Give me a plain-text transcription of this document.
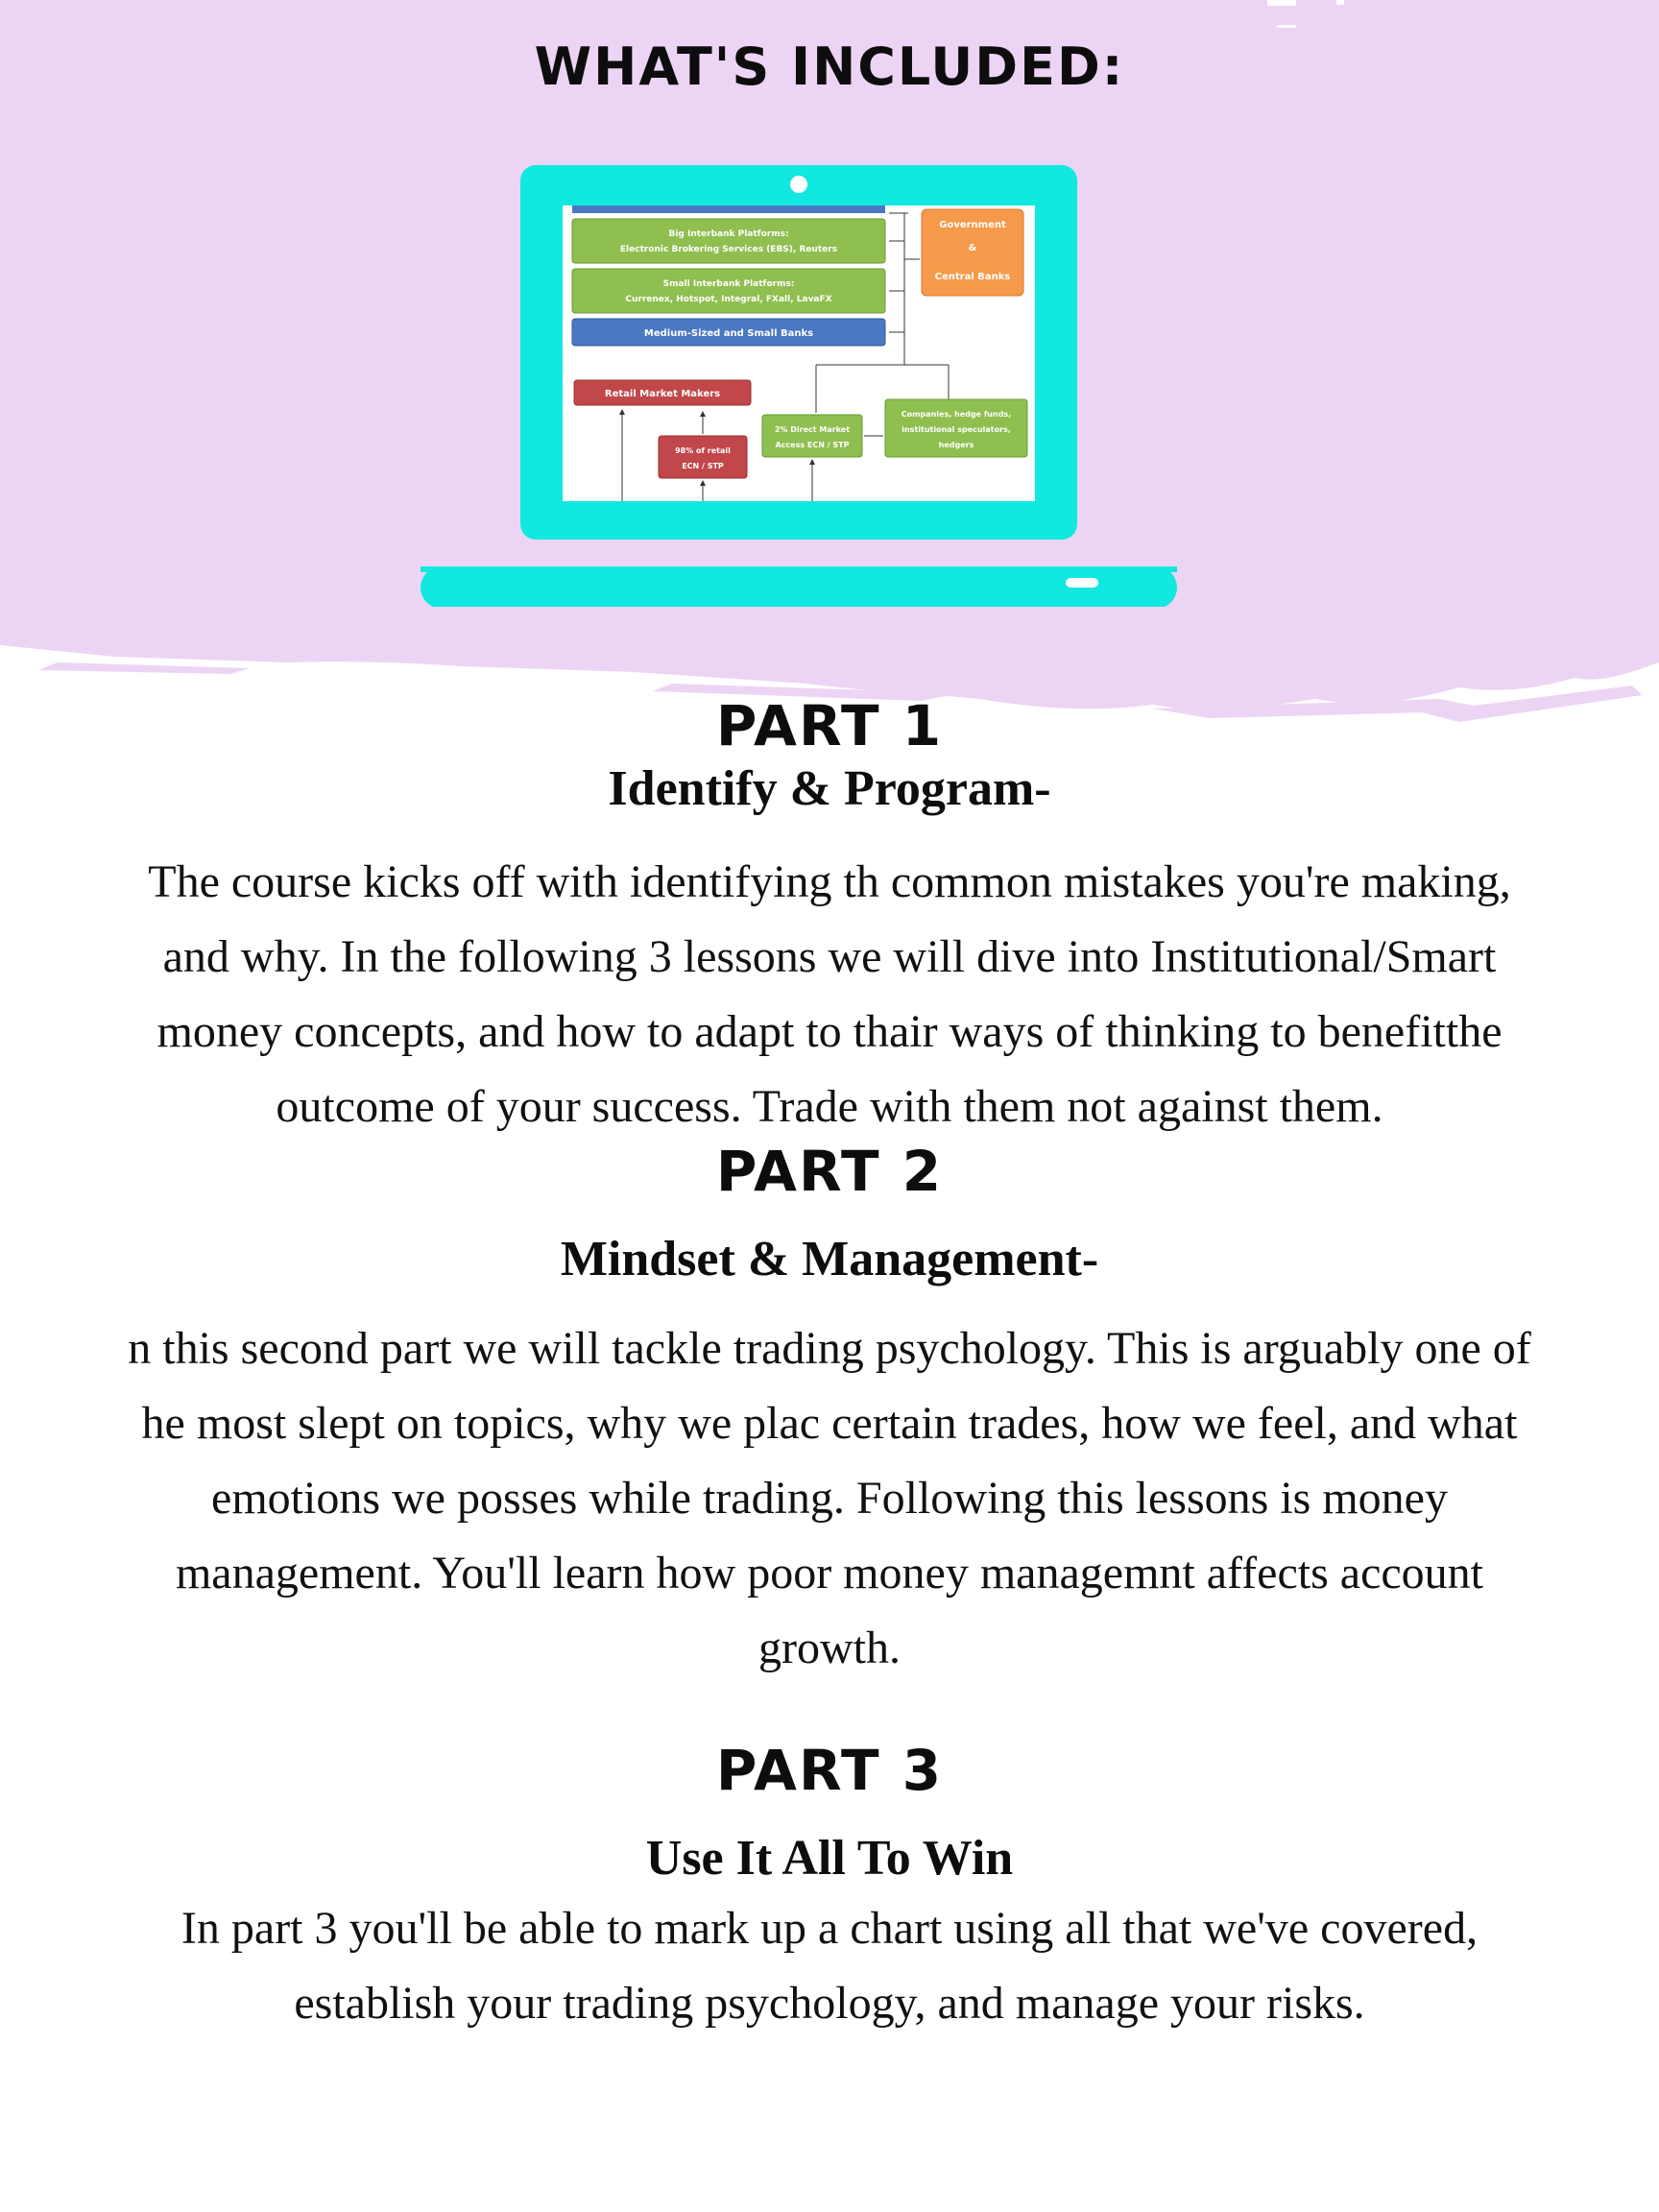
WHAT'S INCLUDED:
Big Interbank Platforms:
Electronic Brokering Services (EBS), Reuters
Small Interbank Platforms:
Currenex, Hotspot, Integral, FXall, LavaFX
Medium-Sized and Small Banks
Government
&
Central Banks
Retail Market Makers
98% of retail
ECN / STP
2% Direct Market
Access ECN / STP
Companies, hedge funds,
institutional speculators,
hedgers
PART 1
Identify & Program-

The course kicks off with identifying th common mistakes you're making,
and why. In the following 3 lessons we will dive into Institutional/Smart
money concepts, and how to adapt to thair ways of thinking to benefitthe
outcome of your success. Trade with them not against them.

PART 2
Mindset & Management-

n this second part we will tackle trading psychology. This is arguably one of
he most slept on topics, why we plac certain trades, how we feel, and what
emotions we posses while trading. Following this lessons is money
management. You'll learn how poor money managemnt affects account
growth.

PART 3
Use It All To Win

In part 3 you'll be able to mark up a chart using all that we've covered,
establish your trading psychology, and manage your risks.
